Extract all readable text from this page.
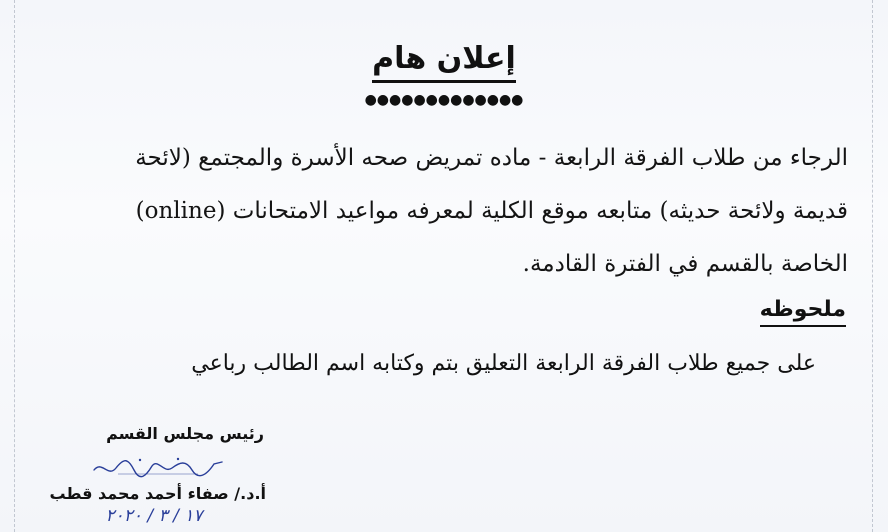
إعلان هام
●●●●●●●●●●●●●
الرجاء من طلاب الفرقة الرابعة - ماده تمريض صحه الأسرة والمجتمع (لائحة
قديمة ولائحة حديثه) متابعه موقع الكلية لمعرفه مواعيد الامتحانات (online)
الخاصة بالقسم في الفترة القادمة.
ملحوظه
على جميع طلاب الفرقة الرابعة التعليق بتم وكتابه اسم الطالب رباعي
رئيس مجلس القسم
أ.د./ صفاء أحمد محمد قطب
١٧ / ٣ / ٢٠٢٠
